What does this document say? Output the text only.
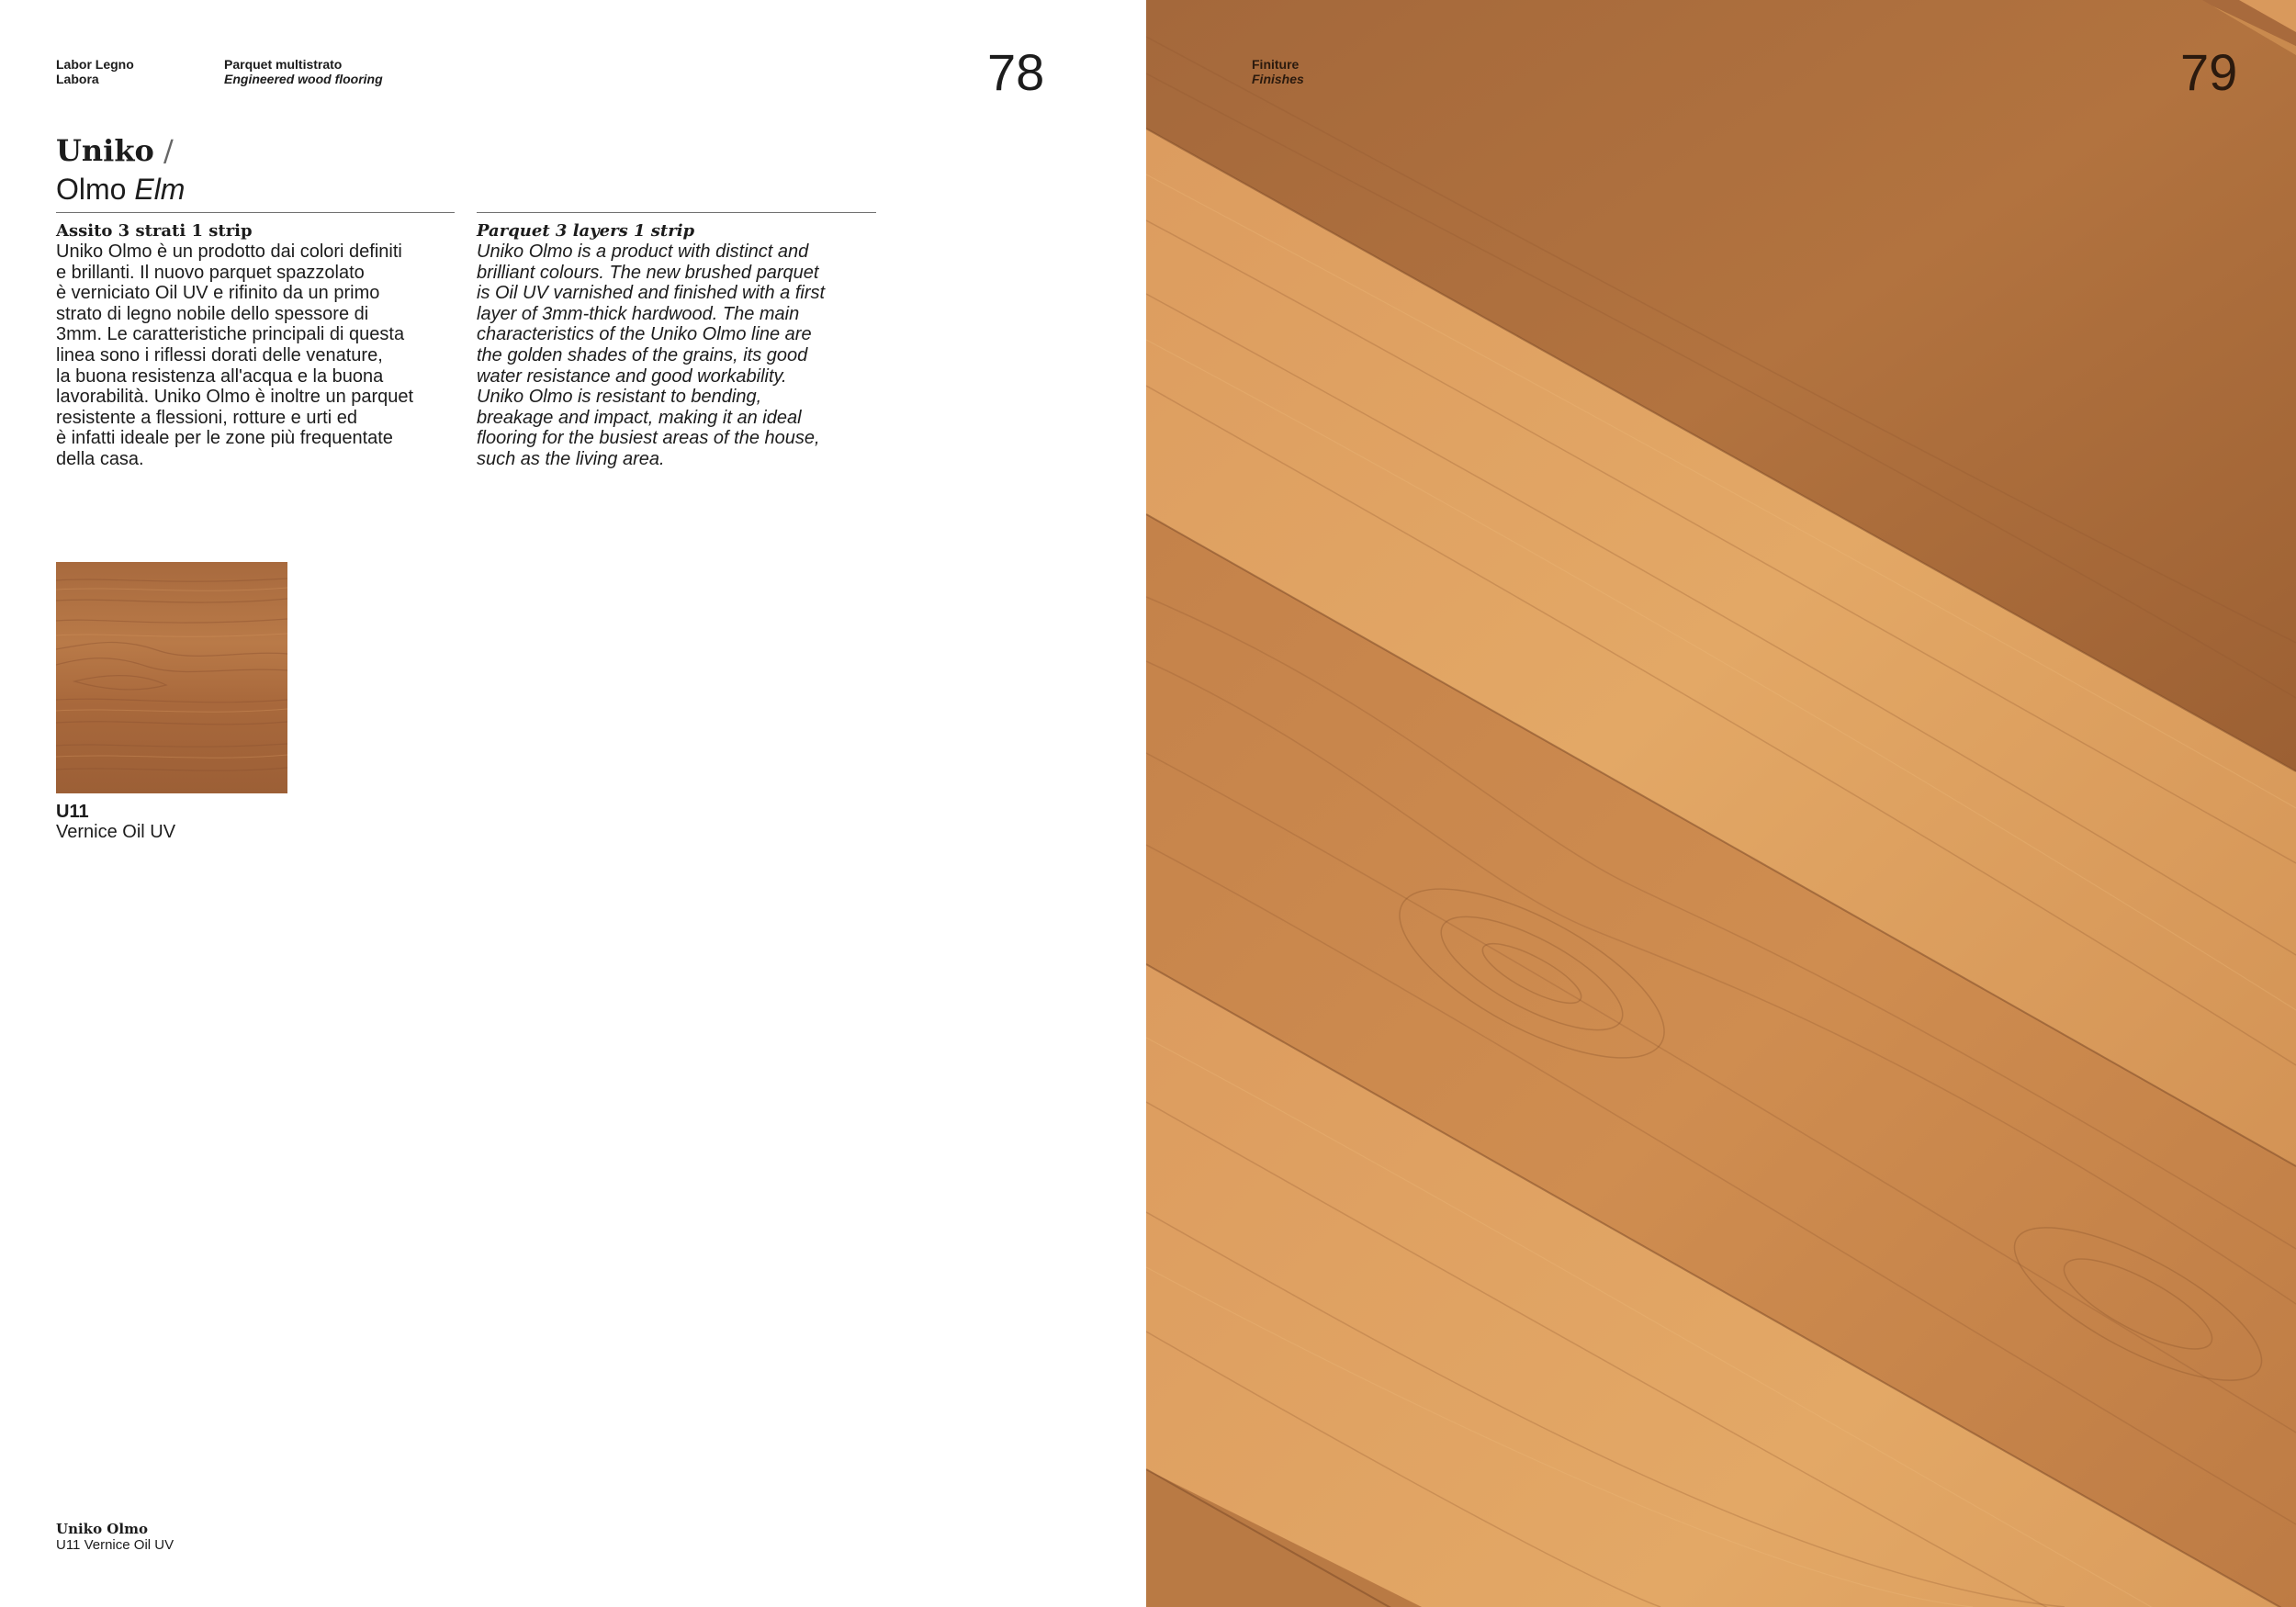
Labor Legno
Labora
Parquet multistrato
Engineered wood flooring	78
Uniko /
Olmo Elm
Assito 3 strati 1 strip
Uniko Olmo è un prodotto dai colori definiti
e brillanti. Il nuovo parquet spazzolato
è verniciato Oil UV e rifinito da un primo
strato di legno nobile dello spessore di
3mm. Le caratteristiche principali di questa
linea sono i riflessi dorati delle venature,
la buona resistenza all'acqua e la buona
lavorabilità. Uniko Olmo è inoltre un parquet
resistente a flessioni, rotture e urti ed
è infatti ideale per le zone più frequentate
della casa.
Parquet 3 layers 1 strip
Uniko Olmo is a product with distinct and
brilliant colours. The new brushed parquet
is Oil UV varnished and finished with a first
layer of 3mm-thick hardwood. The main
characteristics of the Uniko Olmo line are
the golden shades of the grains, its good
water resistance and good workability.
Uniko Olmo is resistant to bending,
breakage and impact, making it an ideal
flooring for the busiest areas of the house,
such as the living area.
U11
Vernice Oil UV
Uniko Olmo
U11 Vernice Oil UV
Finiture
Finishes	79
